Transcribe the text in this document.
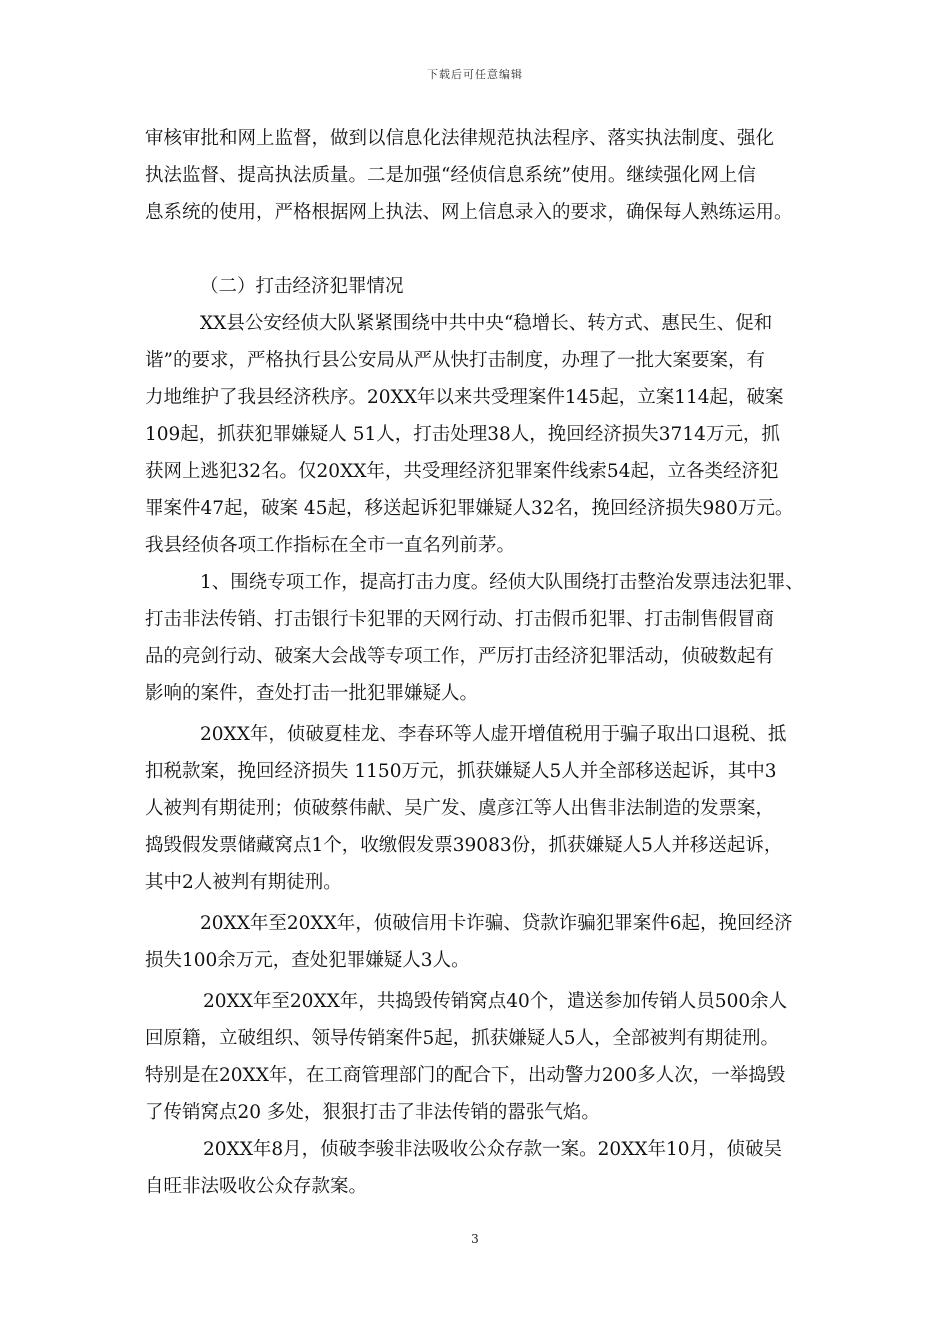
下载后可任意编辑
审核审批和网上监督，做到以信息化法律规范执法程序、落实执法制度、强化
执法监督、提高执法质量。二是加强“经侦信息系统”使用。继续强化网上信
息系统的使用，严格根据网上执法、网上信息录入的要求，确保每人熟练运用。
（二）打击经济犯罪情况
XX县公安经侦大队紧紧围绕中共中央“稳增长、转方式、惠民生、促和
谐”的要求，严格执行县公安局从严从快打击制度，办理了一批大案要案，有
力地维护了我县经济秩序。20XX年以来共受理案件145起，立案114起，破案
109起，抓获犯罪嫌疑人 51人，打击处理38人，挽回经济损失3714万元，抓
获网上逃犯32名。仅20XX年，共受理经济犯罪案件线索54起，立各类经济犯
罪案件47起，破案 45起，移送起诉犯罪嫌疑人32名，挽回经济损失980万元。
我县经侦各项工作指标在全市一直名列前茅。
1、围绕专项工作，提高打击力度。经侦大队围绕打击整治发票违法犯罪、
打击非法传销、打击银行卡犯罪的天网行动、打击假币犯罪、打击制售假冒商
品的亮剑行动、破案大会战等专项工作，严厉打击经济犯罪活动，侦破数起有
影响的案件，查处打击一批犯罪嫌疑人。
20XX年，侦破夏桂龙、李春环等人虚开增值税用于骗子取出口退税、抵
扣税款案，挽回经济损失 1150万元，抓获嫌疑人5人并全部移送起诉，其中3
人被判有期徒刑；侦破蔡伟献、吴广发、虞彦江等人出售非法制造的发票案，
捣毁假发票储藏窝点1个，收缴假发票39083份，抓获嫌疑人5人并移送起诉，
其中2人被判有期徒刑。
20XX年至20XX年，侦破信用卡诈骗、贷款诈骗犯罪案件6起，挽回经济
损失100余万元，查处犯罪嫌疑人3人。
20XX年至20XX年，共捣毁传销窝点40个，遣送参加传销人员500余人
回原籍，立破组织、领导传销案件5起，抓获嫌疑人5人，全部被判有期徒刑。
特别是在20XX年，在工商管理部门的配合下，出动警力200多人次，一举捣毁
了传销窝点20 多处，狠狠打击了非法传销的嚣张气焰。
20XX年8月，侦破李骏非法吸收公众存款一案。20XX年10月，侦破吴
自旺非法吸收公众存款案。
3
